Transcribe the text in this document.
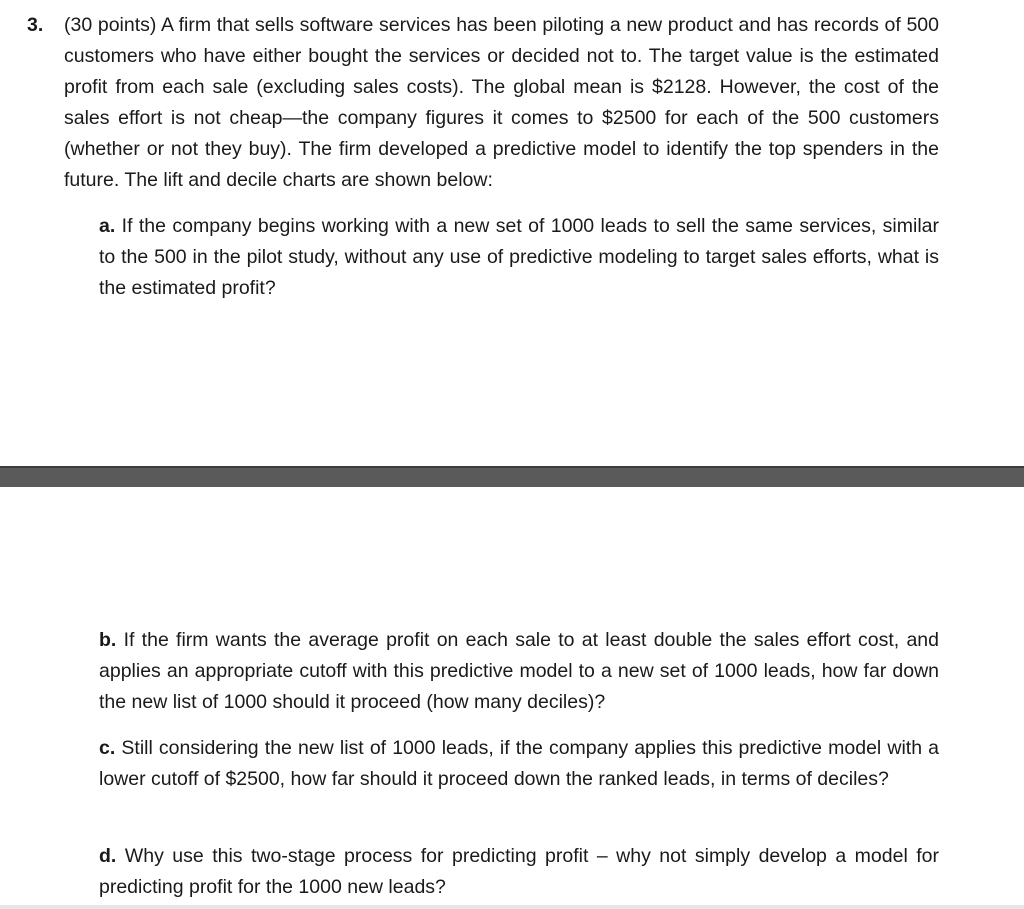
3. (30 points) A firm that sells software services has been piloting a new product and has records of 500 customers who have either bought the services or decided not to. The target value is the estimated profit from each sale (excluding sales costs). The global mean is $2128. However, the cost of the sales effort is not cheap—the company figures it comes to $2500 for each of the 500 customers (whether or not they buy). The firm developed a predictive model to identify the top spenders in the future. The lift and decile charts are shown below:
a. If the company begins working with a new set of 1000 leads to sell the same services, similar to the 500 in the pilot study, without any use of predictive modeling to target sales efforts, what is the estimated profit?
b. If the firm wants the average profit on each sale to at least double the sales effort cost, and applies an appropriate cutoff with this predictive model to a new set of 1000 leads, how far down the new list of 1000 should it proceed (how many deciles)?
c. Still considering the new list of 1000 leads, if the company applies this predictive model with a lower cutoff of $2500, how far should it proceed down the ranked leads, in terms of deciles?
d. Why use this two-stage process for predicting profit – why not simply develop a model for predicting profit for the 1000 new leads?
